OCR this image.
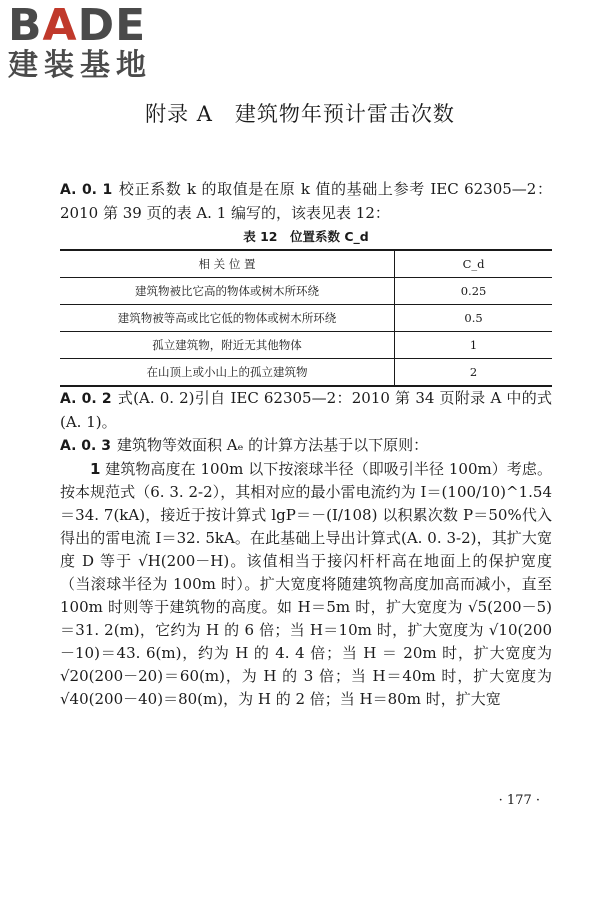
BADE
建装基地
附录 A　建筑物年预计雷击次数

A. 0. 1 校正系数 k 的取值是在原 k 值的基础上参考 IEC 62305—2：2010 第 39 页的表 A. 1 编写的，该表见表 12：

表 12　位置系数 C_d
相 关 位 置	C_d
建筑物被比它高的物体或树木所环绕	0.25
建筑物被等高或比它低的物体或树木所环绕	0.5
孤立建筑物，附近无其他物体	1
在山顶上或小山上的孤立建筑物	2

A. 0. 2 式(A. 0. 2)引自 IEC 62305—2：2010 第 34 页附录 A 中的式(A. 1)。

A. 0. 3 建筑物等效面积 Aₑ 的计算方法基于以下原则：

1 建筑物高度在 100m 以下按滚球半径（即吸引半径 100m）考虑。按本规范式（6. 3. 2-2），其相对应的最小雷电流约为 I＝(100/10)^1.54＝34. 7(kA)，接近于按计算式 lgP＝－(I/108) 以积累次数 P＝50%代入得出的雷电流 I＝32. 5kA。在此基础上导出计算式(A. 0. 3-2)，其扩大宽度 D 等于 √H(200－H)。该值相当于接闪杆杆高在地面上的保护宽度（当滚球半径为 100m 时）。扩大宽度将随建筑物高度加高而减小，直至 100m 时则等于建筑物的高度。如 H＝5m 时，扩大宽度为 √5(200－5)＝31. 2(m)，它约为 H 的 6 倍；当 H＝10m 时，扩大宽度为 √10(200－10)＝43. 6(m)，约为 H 的 4. 4 倍；当 H ＝ 20m 时，扩大宽度为 √20(200－20)＝60(m)，为 H 的 3 倍；当 H＝40m 时，扩大宽度为 √40(200－40)＝80(m)，为 H 的 2 倍；当 H＝80m 时，扩大宽

· 177 ·
